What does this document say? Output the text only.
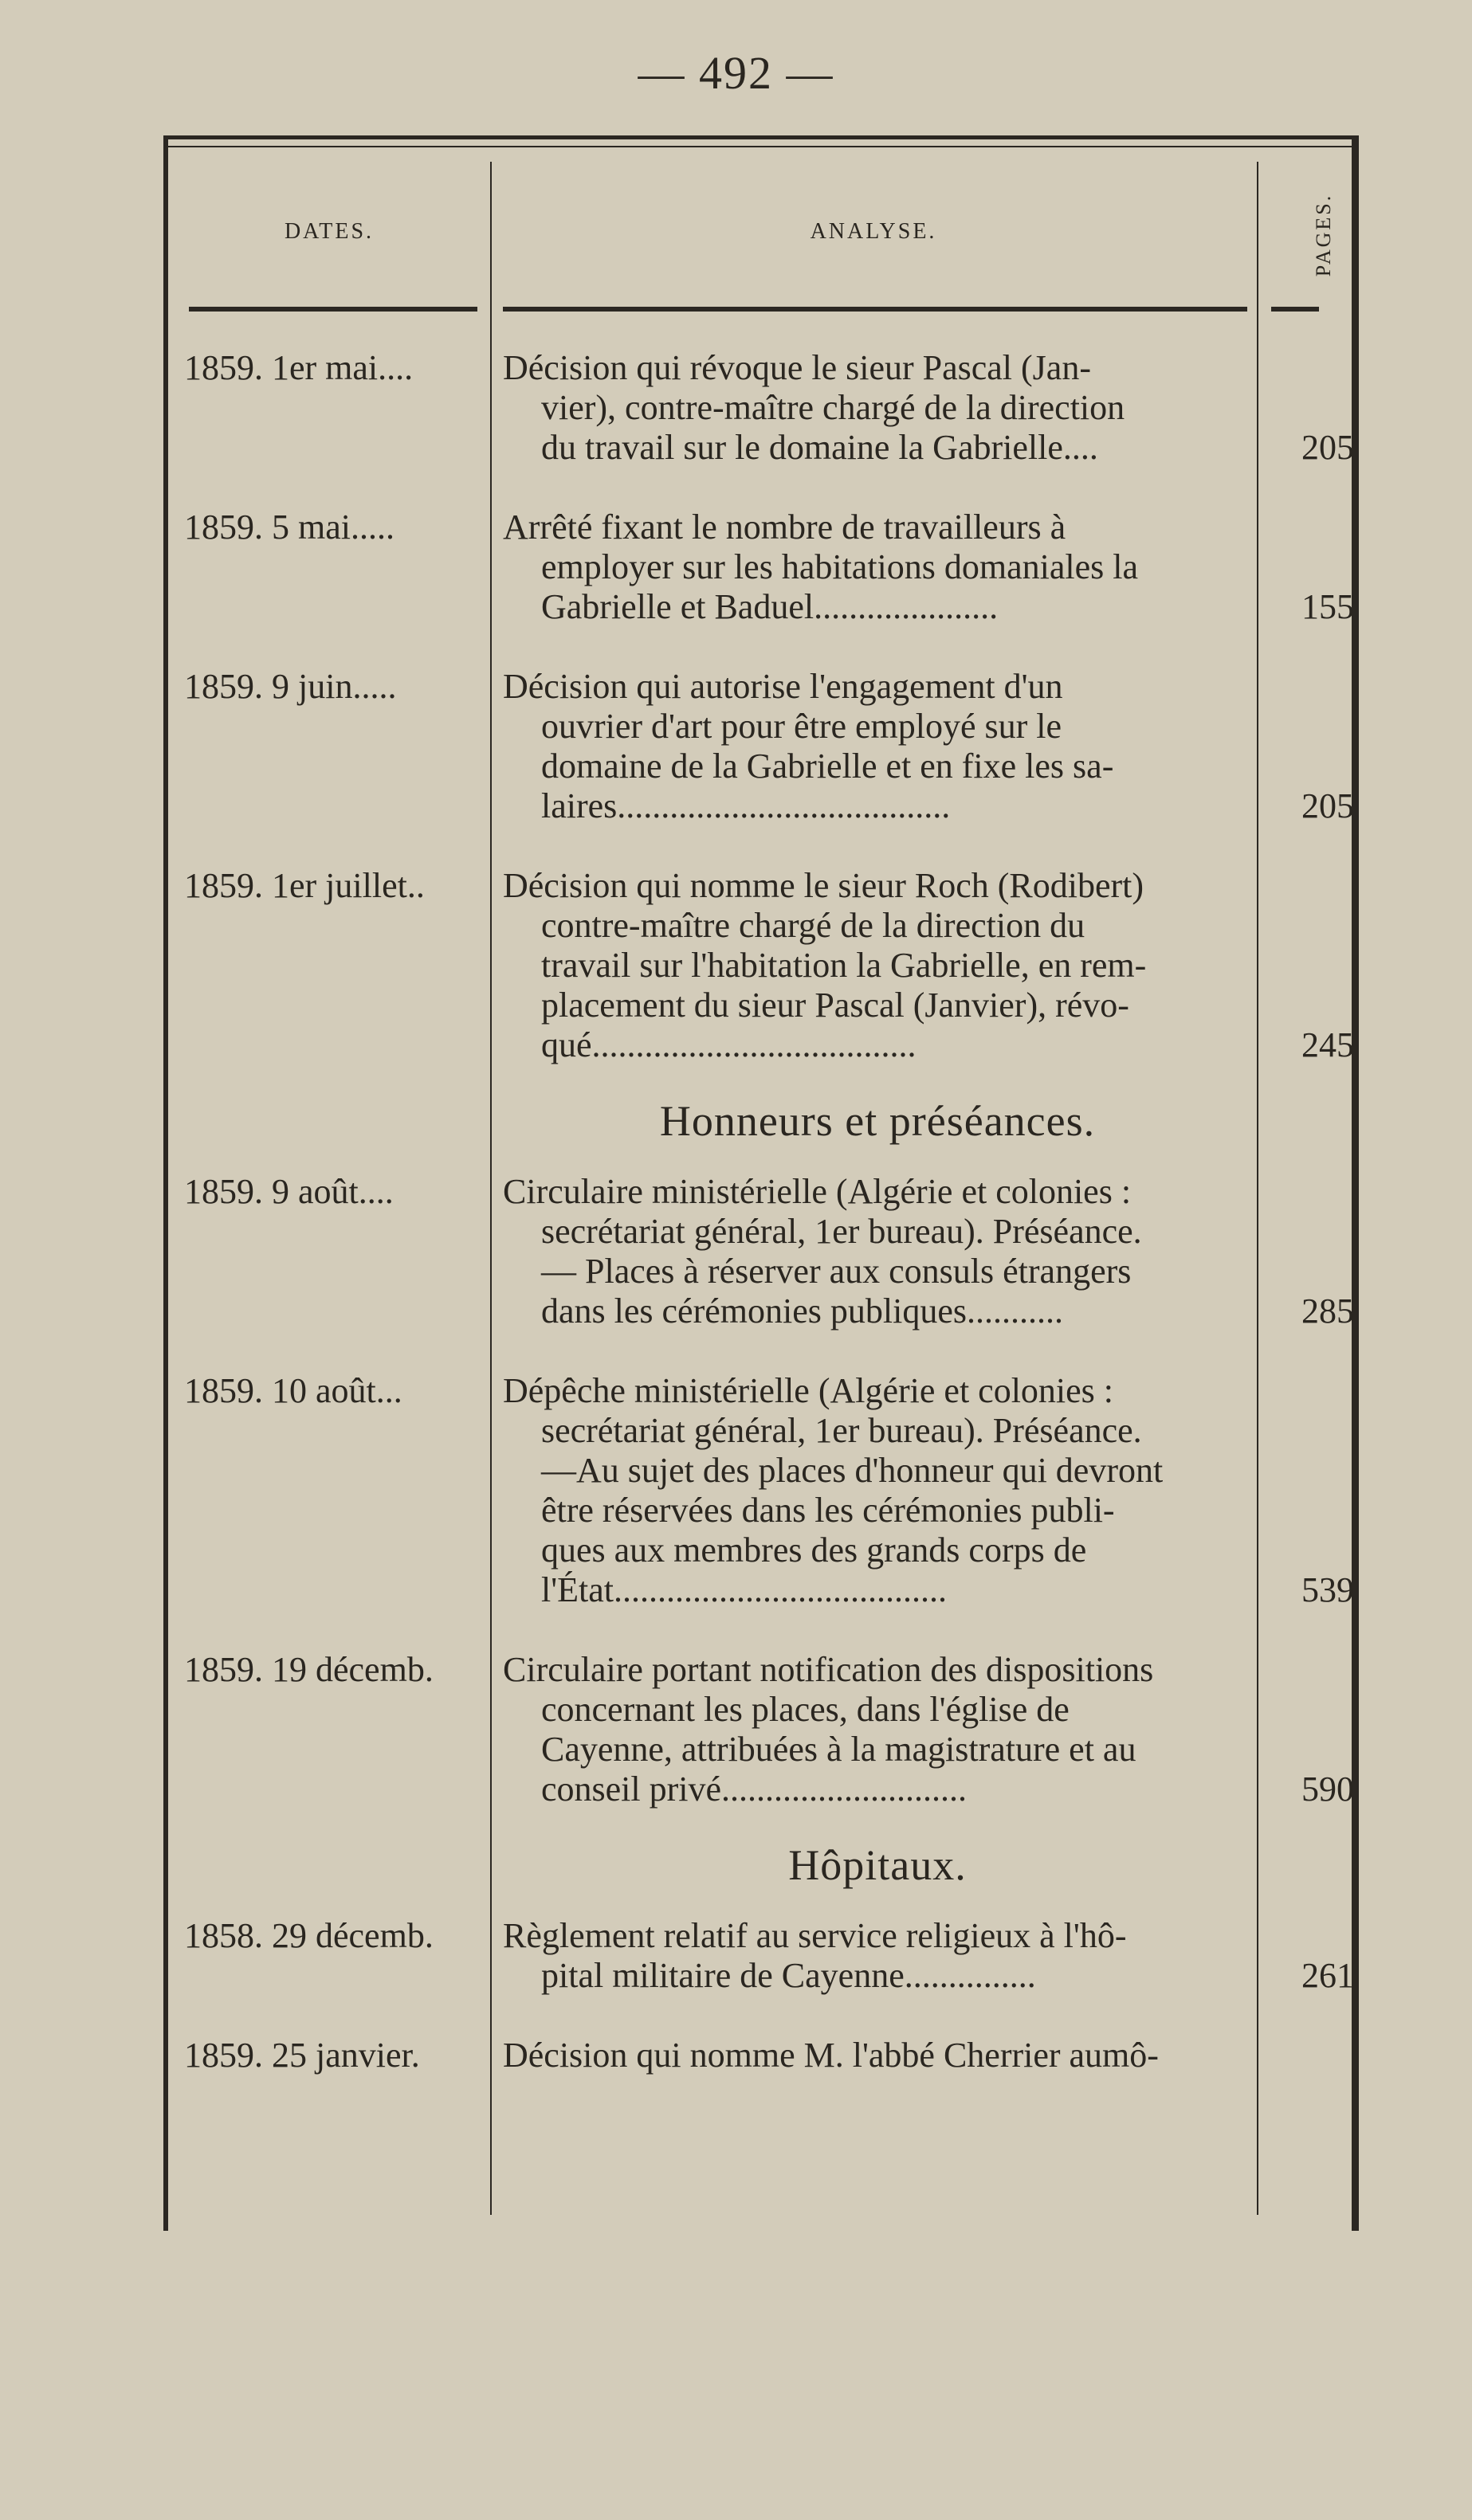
— 492 —
DATES.	ANALYSE.	PAGES.
1859. 1er mai....	Décision qui révoque le sieur Pascal (Jan-
vier), contre-maître chargé de la direction
du travail sur le domaine la Gabrielle....	205
1859. 5 mai.....	Arrêté fixant le nombre de travailleurs à
employer sur les habitations domaniales la
Gabrielle et Baduel.....................	155
1859. 9 juin.....	Décision qui autorise l'engagement d'un
ouvrier d'art pour être employé sur le
domaine de la Gabrielle et en fixe les sa-
laires......................................	205
1859. 1er juillet..	Décision qui nomme le sieur Roch (Rodibert)
contre-maître chargé de la direction du
travail sur l'habitation la Gabrielle, en rem-
placement du sieur Pascal (Janvier), révo-
qué.....................................	245
Honneurs et préséances.
1859. 9 août....	Circulaire ministérielle (Algérie et colonies :
secrétariat général, 1er bureau). Préséance.
— Places à réserver aux consuls étrangers
dans les cérémonies publiques...........	285
1859. 10 août...	Dépêche ministérielle (Algérie et colonies :
secrétariat général, 1er bureau). Préséance.
—Au sujet des places d'honneur qui devront
être réservées dans les cérémonies publi-
ques aux membres des grands corps de
l'État......................................	539
1859. 19 décemb.	Circulaire portant notification des dispositions
concernant les places, dans l'église de
Cayenne, attribuées à la magistrature et au
conseil privé............................	590
Hôpitaux.
1858. 29 décemb.	Règlement relatif au service religieux à l'hô-
pital militaire de Cayenne...............	261
1859. 25 janvier.	Décision qui nomme M. l'abbé Cherrier aumô-
